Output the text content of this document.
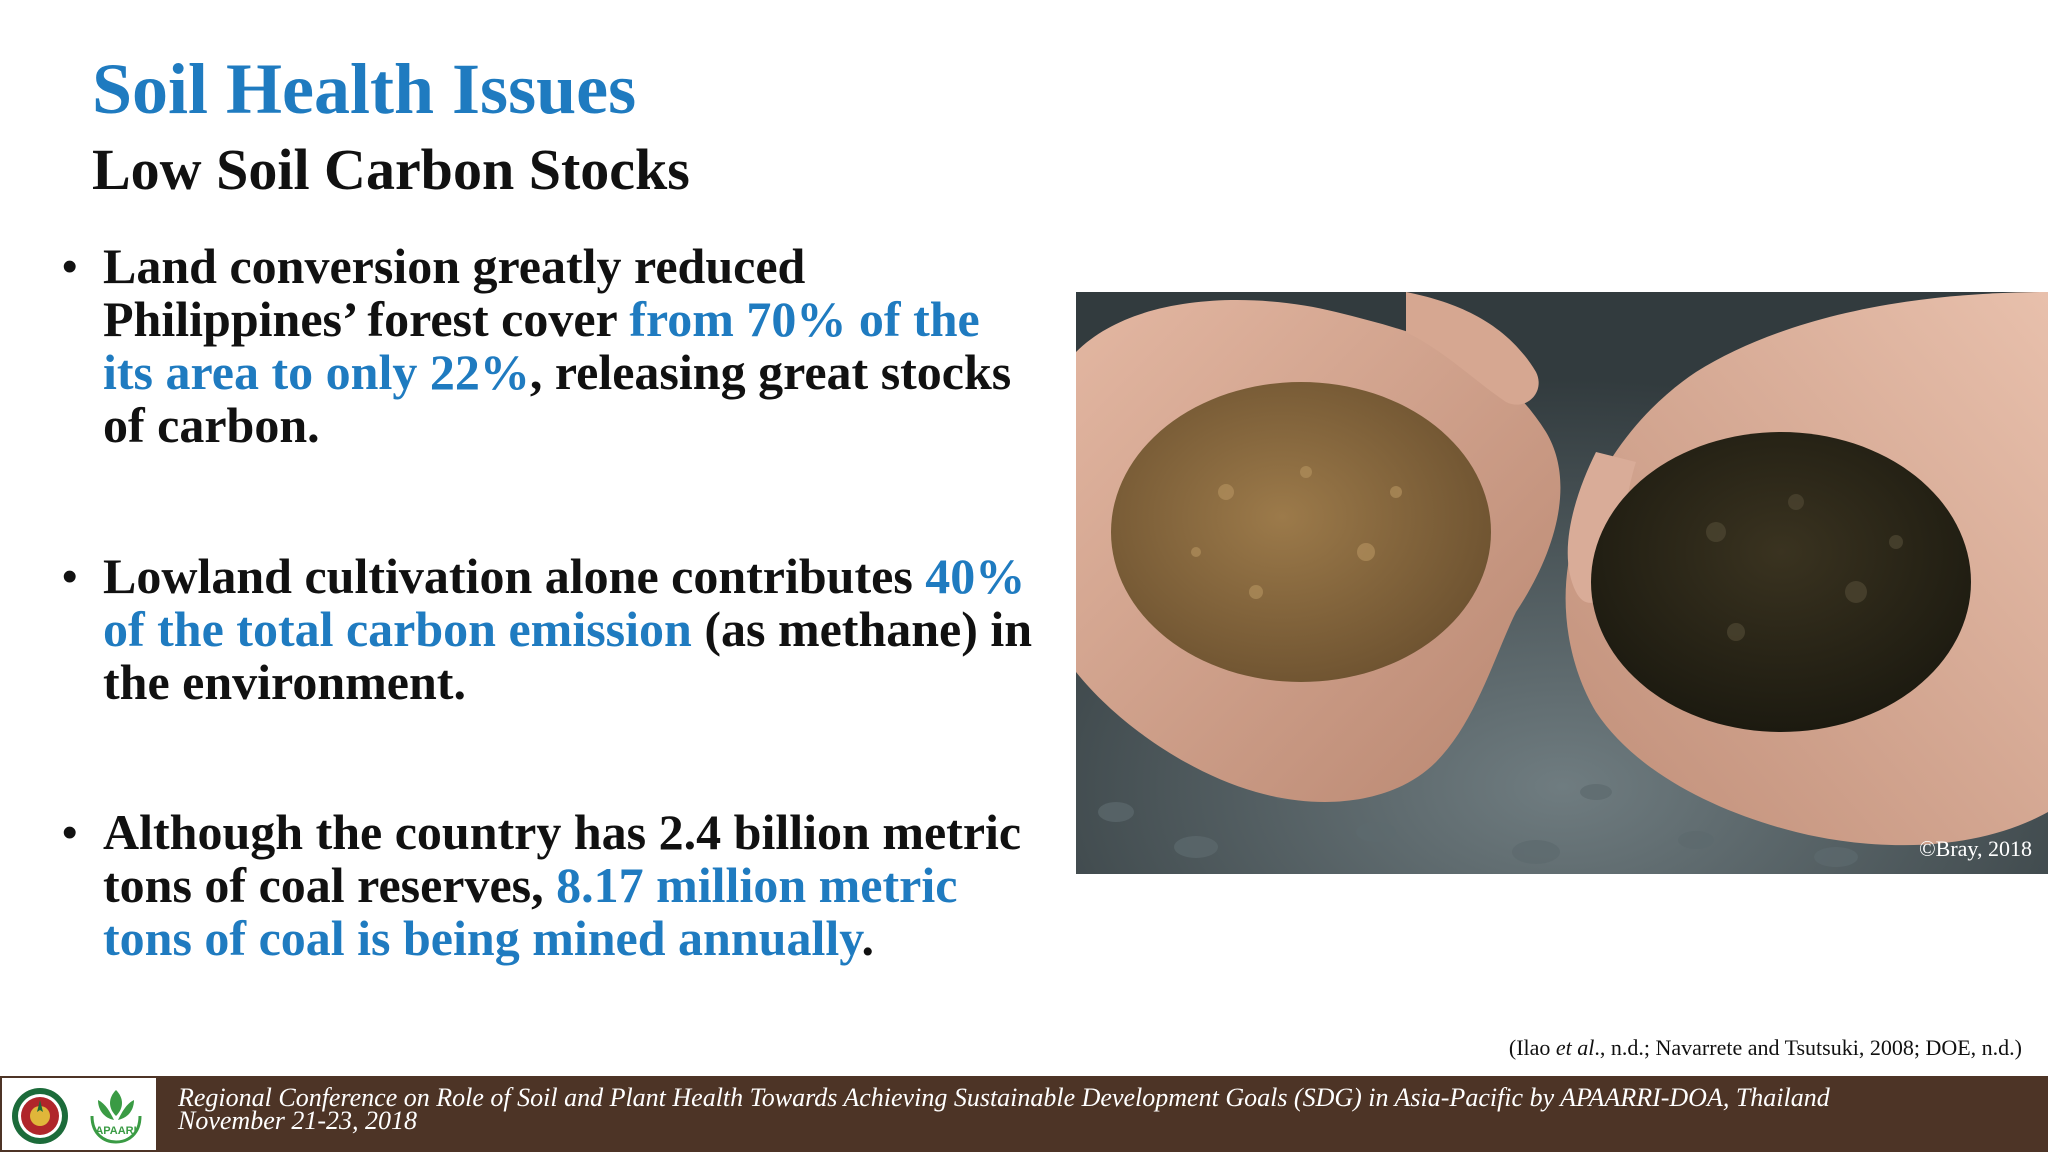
Soil Health Issues
Low Soil Carbon Stocks
• Land conversion greatly reduced Philippines’ forest cover from 70% of the its area to only 22%, releasing great stocks of carbon.
• Lowland cultivation alone contributes 40% of the total carbon emission (as methane) in the environment.
• Although the country has 2.4 billion metric tons of coal reserves, 8.17 million metric tons of coal is being mined annually.
©Bray, 2018
(Ilao et al., n.d.; Navarrete and Tsutsuki, 2008; DOE, n.d.)
APAARI
Regional Conference on Role of Soil and Plant Health Towards Achieving Sustainable Development Goals (SDG) in Asia-Pacific by APAARRI-DOA, Thailand
November 21-23, 2018
